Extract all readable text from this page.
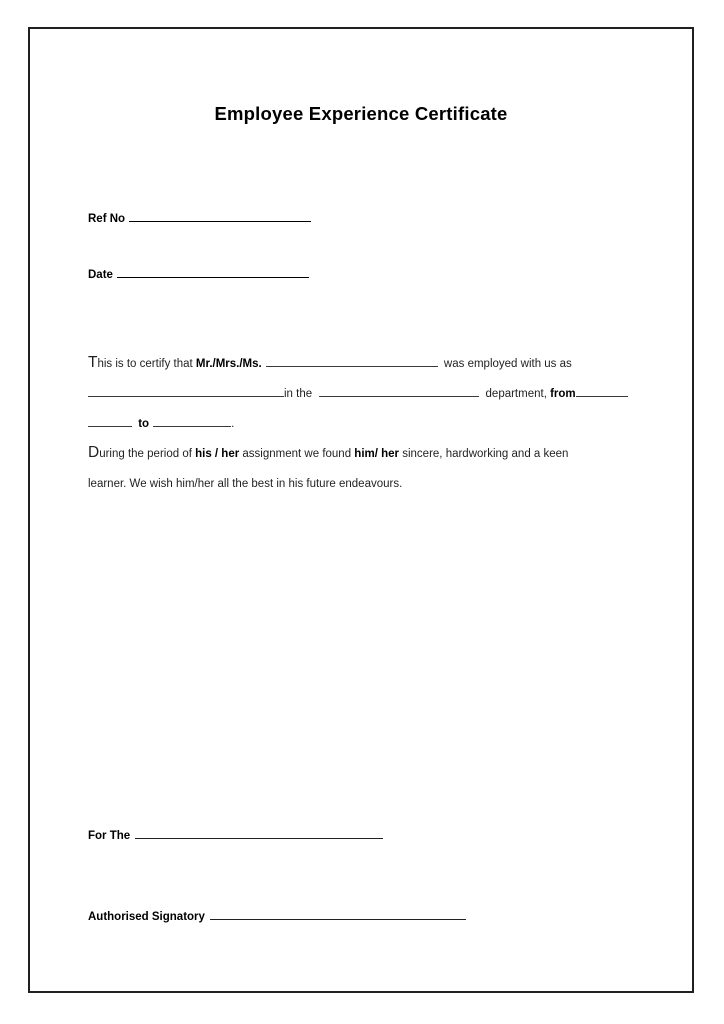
Employee Experience Certificate
Ref No
Date
This is to certify that Mr./Mrs./Ms.	was employed with us as
in the	department, from
to	.
During the period of his / her assignment we found him/ her sincere, hardworking and a keen
learner. We wish him/her all the best in his future endeavours.
For The
Authorised Signatory
